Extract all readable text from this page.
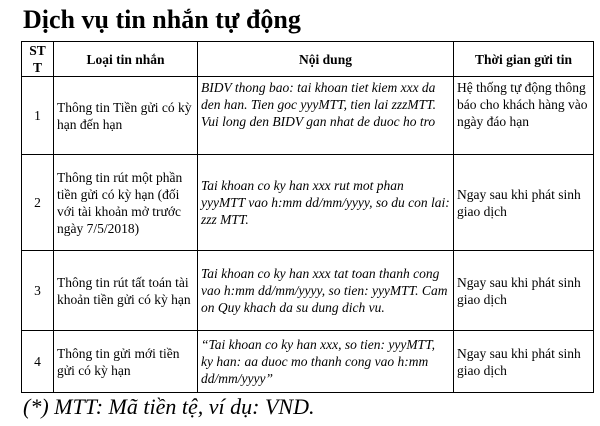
Dịch vụ tin nhắn tự động
STT	Loại tin nhắn	Nội dung	Thời gian gửi tin
1	Thông tin Tiền gửi có kỳ hạn đến hạn	BIDV thong bao: tai khoan tiet kiem xxx da den han. Tien goc yyyMTT, tien lai zzzMTT. Vui long den BIDV gan nhat de duoc ho tro	Hệ thống tự động thông báo cho khách hàng vào ngày đáo hạn
2	Thông tin rút một phần tiền gửi có kỳ hạn (đối với tài khoản mở trước ngày 7/5/2018)	Tai khoan co ky han xxx rut mot phan yyyMTT vao h:mm dd/mm/yyyy, so du con lai: zzz MTT.	Ngay sau khi phát sinh giao dịch
3	Thông tin rút tất toán tài khoản tiền gửi có kỳ hạn	Tai khoan co ky han xxx tat toan thanh cong vao h:mm dd/mm/yyyy, so tien: yyyMTT. Cam on Quy khach da su dung dich vu.	Ngay sau khi phát sinh giao dịch
4	Thông tin gửi mới tiền gửi có kỳ hạn	“Tai khoan co ky han xxx, so tien: yyyMTT, ky han: aa duoc mo thanh cong vao h:mm dd/mm/yyyy”	Ngay sau khi phát sinh giao dịch
(*) MTT: Mã tiền tệ, ví dụ: VND.
